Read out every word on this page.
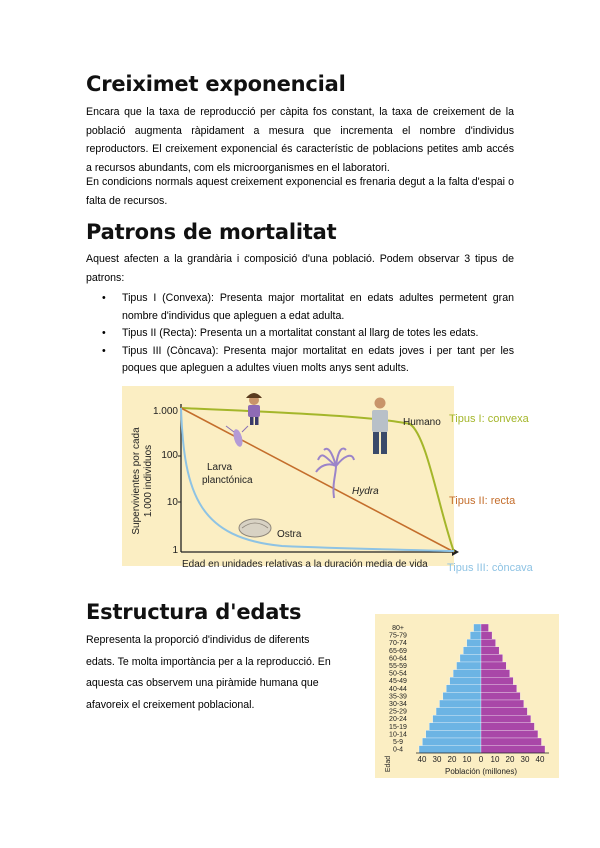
Creiximet exponencial
Encara que la taxa de reproducció per càpita fos constant, la taxa de creixement de la població augmenta ràpidament a mesura que incrementa el nombre d'individus reproductors. El creixement exponencial és característic de poblacions petites amb accés a recursos abundants, com els microorganismes en el laboratori.
En condicions normals aquest creixement exponencial es frenaria degut a la falta d'espai o falta de recursos.
Patrons de mortalitat
Aquest afecten a la grandària i composició d'una població. Podem observar 3 tipus de patrons:
• Tipus I (Convexa): Presenta major mortalitat en edats adultes permetent gran nombre d'individus que apleguen a edat adulta.
• Tipus II (Recta): Presenta un a mortalitat constant al llarg de totes les edats.
• Tipus III (Còncava): Presenta major mortalitat en edats joves i per tant per les poques que apleguen a adultes viuen molts anys sent adults.
1.000
100
10
1
Supervivientes por cada 1.000 individuos
Edad en unidades relativas a la duración media de vida
Humano
Larva
planctónica
Hydra
Ostra
Tipus I: convexa
Tipus II: recta
Tipus III: còncava
Estructura d'edats
Representa la proporció d'individus de diferents edats. Te molta importància per a la reproducció. En aquesta cas observem una piràmide humana que afavoreix el creixement poblacional.
80+
75-79
70-74
65-69
60-64
55-59
50-54
45-49
40-44
35-39
30-34
25-29
20-24
15-19
10-14
5-9
0-4
40 30 20 10 0 10 20 30 40
Población (millones)
Edad
